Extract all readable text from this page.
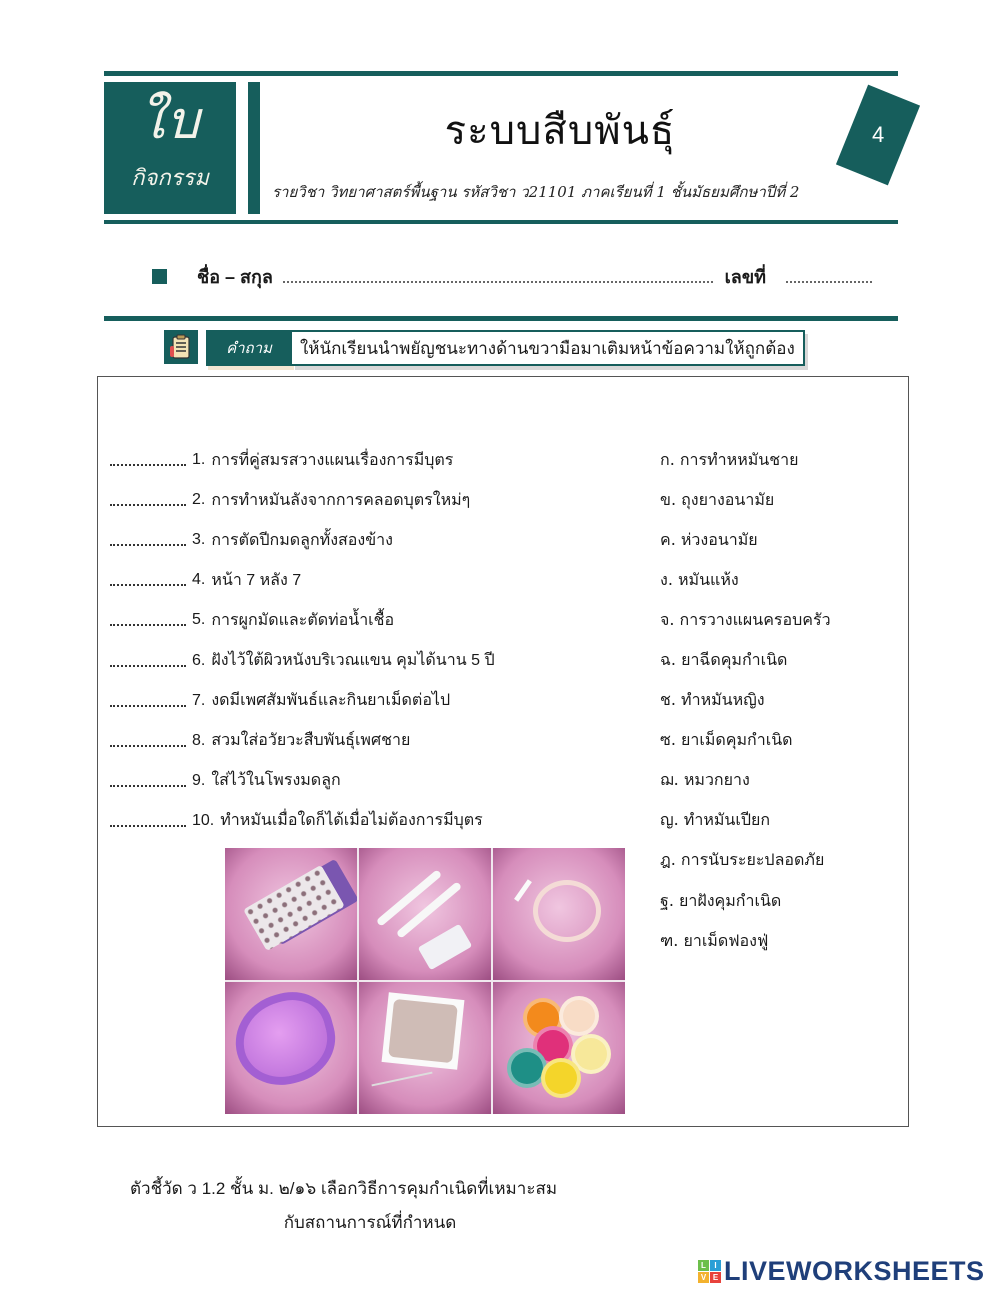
ใบ
กิจกรรม
ระบบสืบพันธุ์
รายวิชา วิทยาศาสตร์พื้นฐาน รหัสวิชา ว21101 ภาคเรียนที่ 1 ชั้นมัธยมศึกษาปีที่ 2
4
ชื่อ – สกุล	เลขที่
คำถาม	ให้นักเรียนนำพยัญชนะทางด้านขวามือมาเติมหน้าข้อความให้ถูกต้อง
1. การที่คู่สมรสวางแผนเรื่องการมีบุตร
2. การทำหมันลังจากการคลอดบุตรใหม่ๆ
3. การตัดปีกมดลูกทั้งสองข้าง
4. หน้า 7 หลัง 7
5. การผูกมัดและตัดท่อน้ำเชื้อ
6. ฝังไว้ใต้ผิวหนังบริเวณแขน คุมได้นาน 5 ปี
7. งดมีเพศสัมพันธ์และกินยาเม็ดต่อไป
8. สวมใส่อวัยวะสืบพันธุ์เพศชาย
9. ใส่ไว้ในโพรงมดลูก
10. ทำหมันเมื่อใดก็ได้เมื่อไม่ต้องการมีบุตร
ก. การทำหหมันชาย
ข. ถุงยางอนามัย
ค. ห่วงอนามัย
ง. หมันแห้ง
จ. การวางแผนครอบครัว
ฉ. ยาฉีดคุมกำเนิด
ช. ทำหมันหญิง
ซ. ยาเม็ดคุมกำเนิด
ฌ. หมวกยาง
ญ. ทำหมันเปียก
ฎ. การนับระยะปลอดภัย
ฐ. ยาฝังคุมกำเนิด
ฑ. ยาเม็ดฟองฟู่
ตัวชี้วัด ว 1.2 ชั้น ม. ๒/๑๖ เลือกวิธีการคุมกำเนิดที่เหมาะสม
กับสถานการณ์ที่กำหนด
L	I
V E LIVEWORKSHEETS
